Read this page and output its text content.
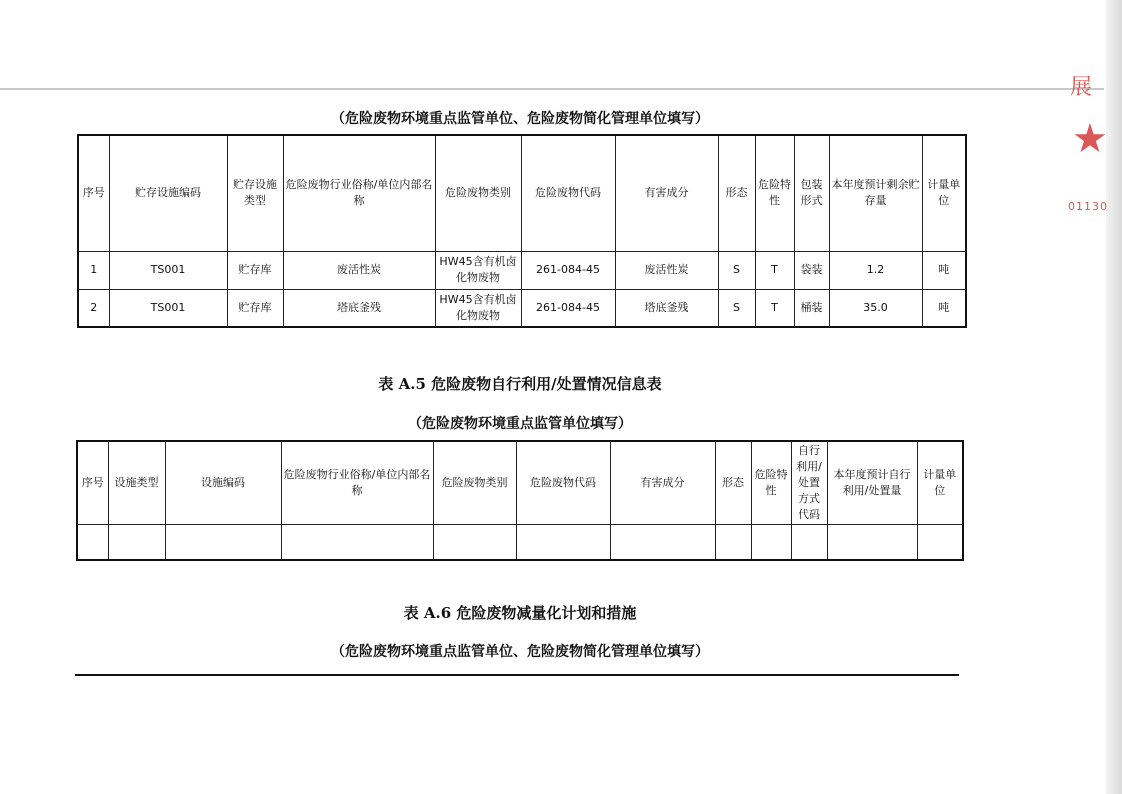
展
★
01130
（危险废物环境重点监管单位、危险废物简化管理单位填写）
序号	贮存设施编码	贮存设施类型	危险废物行业俗称/单位内部名称	危险废物类别	危险废物代码	有害成分	形态	危险特性	包装形式	本年度预计剩余贮存量	计量单位
1	TS001	贮存库	废活性炭	HW45含有机卤化物废物	261-084-45	废活性炭	S	T	袋装	1.2	吨
2	TS001	贮存库	塔底釜残	HW45含有机卤化物废物	261-084-45	塔底釜残	S	T	桶装	35.0	吨
表 A.5 危险废物自行利用/处置情况信息表
（危险废物环境重点监管单位填写）
序号	设施类型	设施编码	危险废物行业俗称/单位内部名称	危险废物类别	危险废物代码	有害成分	形态	危险特性	自行利用/处置方式代码	本年度预计自行利用/处置量	计量单位

表 A.6 危险废物减量化计划和措施
（危险废物环境重点监管单位、危险废物简化管理单位填写）
